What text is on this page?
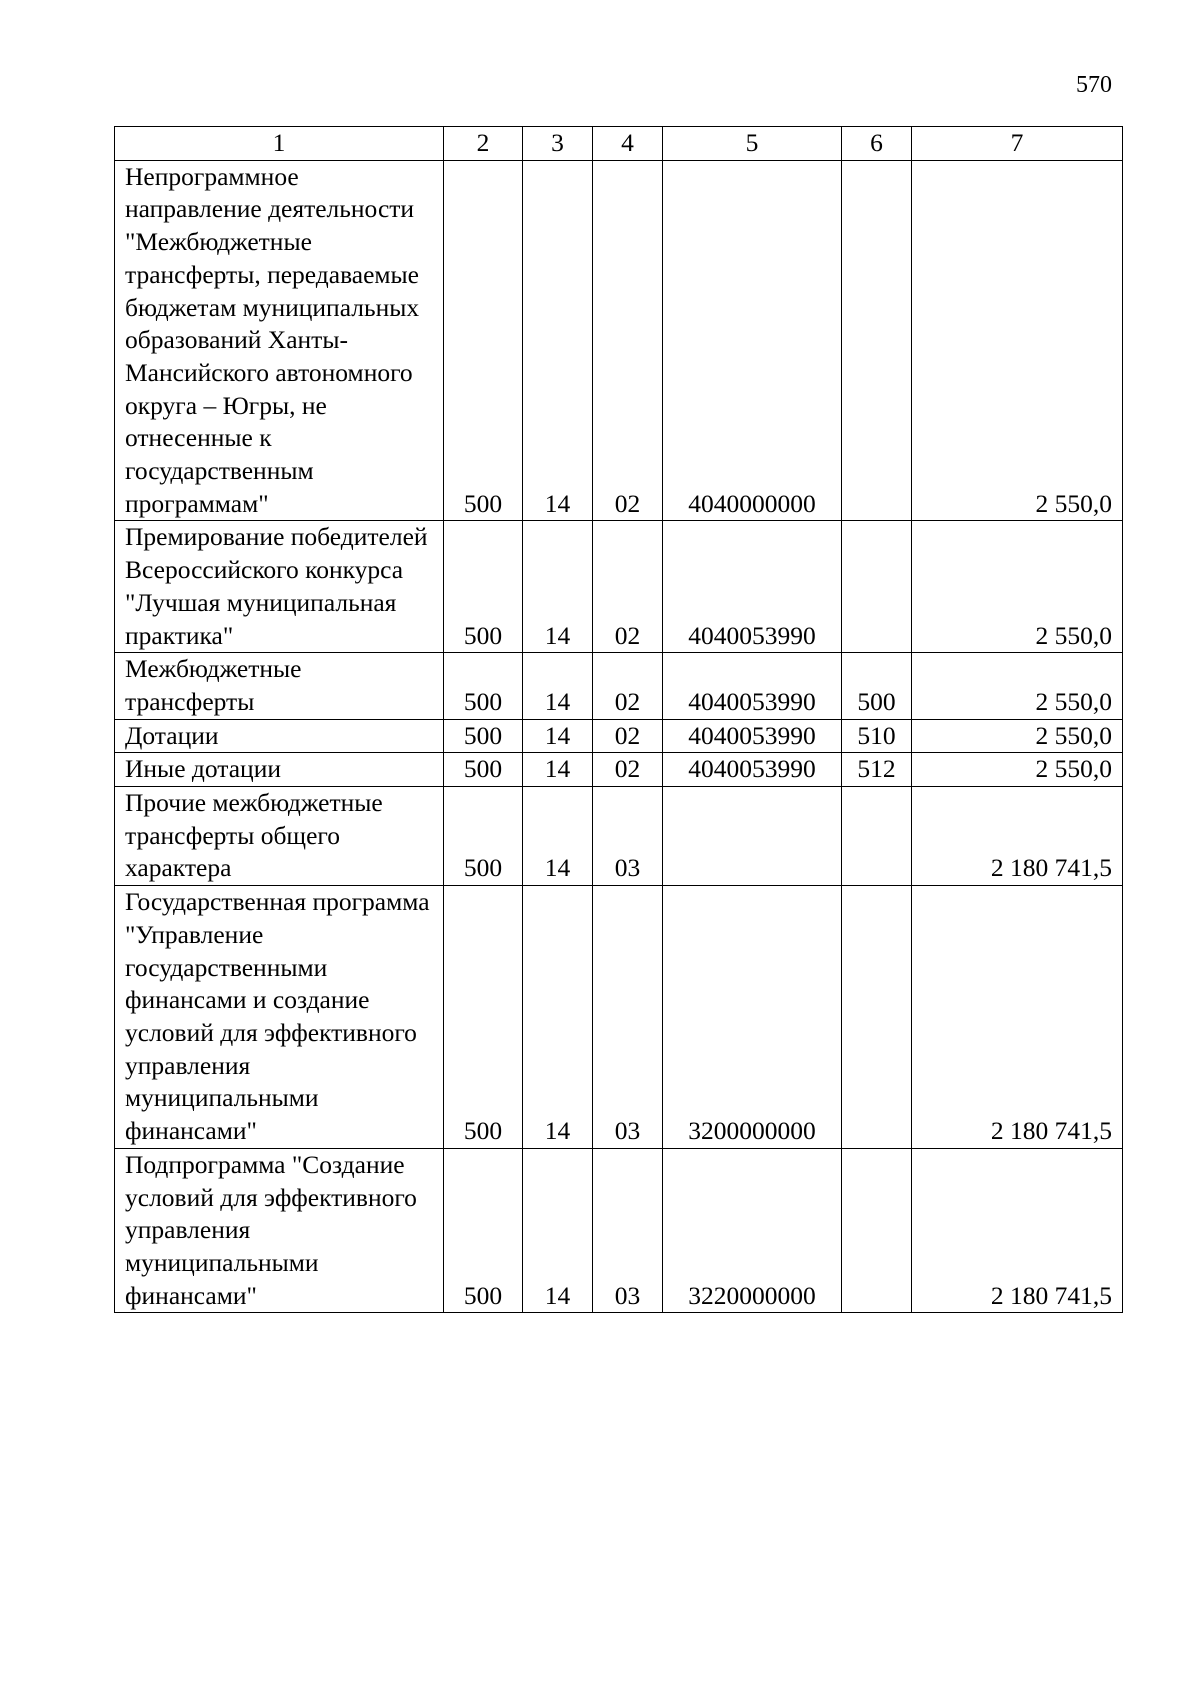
570
1	2	3	4	5	6	7
Непрограммное направление деятельности "Межбюджетные трансферты, передаваемые бюджетам муниципальных образований Ханты-Мансийского автономного округа – Югры, не отнесенные к государственным программам"	500	14	02	4040000000		2 550,0
Премирование победителей Всероссийского конкурса "Лучшая муниципальная практика"	500	14	02	4040053990		2 550,0
Межбюджетные трансферты	500	14	02	4040053990	500	2 550,0
Дотации	500	14	02	4040053990	510	2 550,0
Иные дотации	500	14	02	4040053990	512	2 550,0
Прочие межбюджетные трансферты общего характера	500	14	03			2 180 741,5
Государственная программа "Управление государственными финансами и создание условий для эффективного управления муниципальными финансами"	500	14	03	3200000000		2 180 741,5
Подпрограмма "Создание условий для эффективного управления муниципальными финансами"	500	14	03	3220000000		2 180 741,5
